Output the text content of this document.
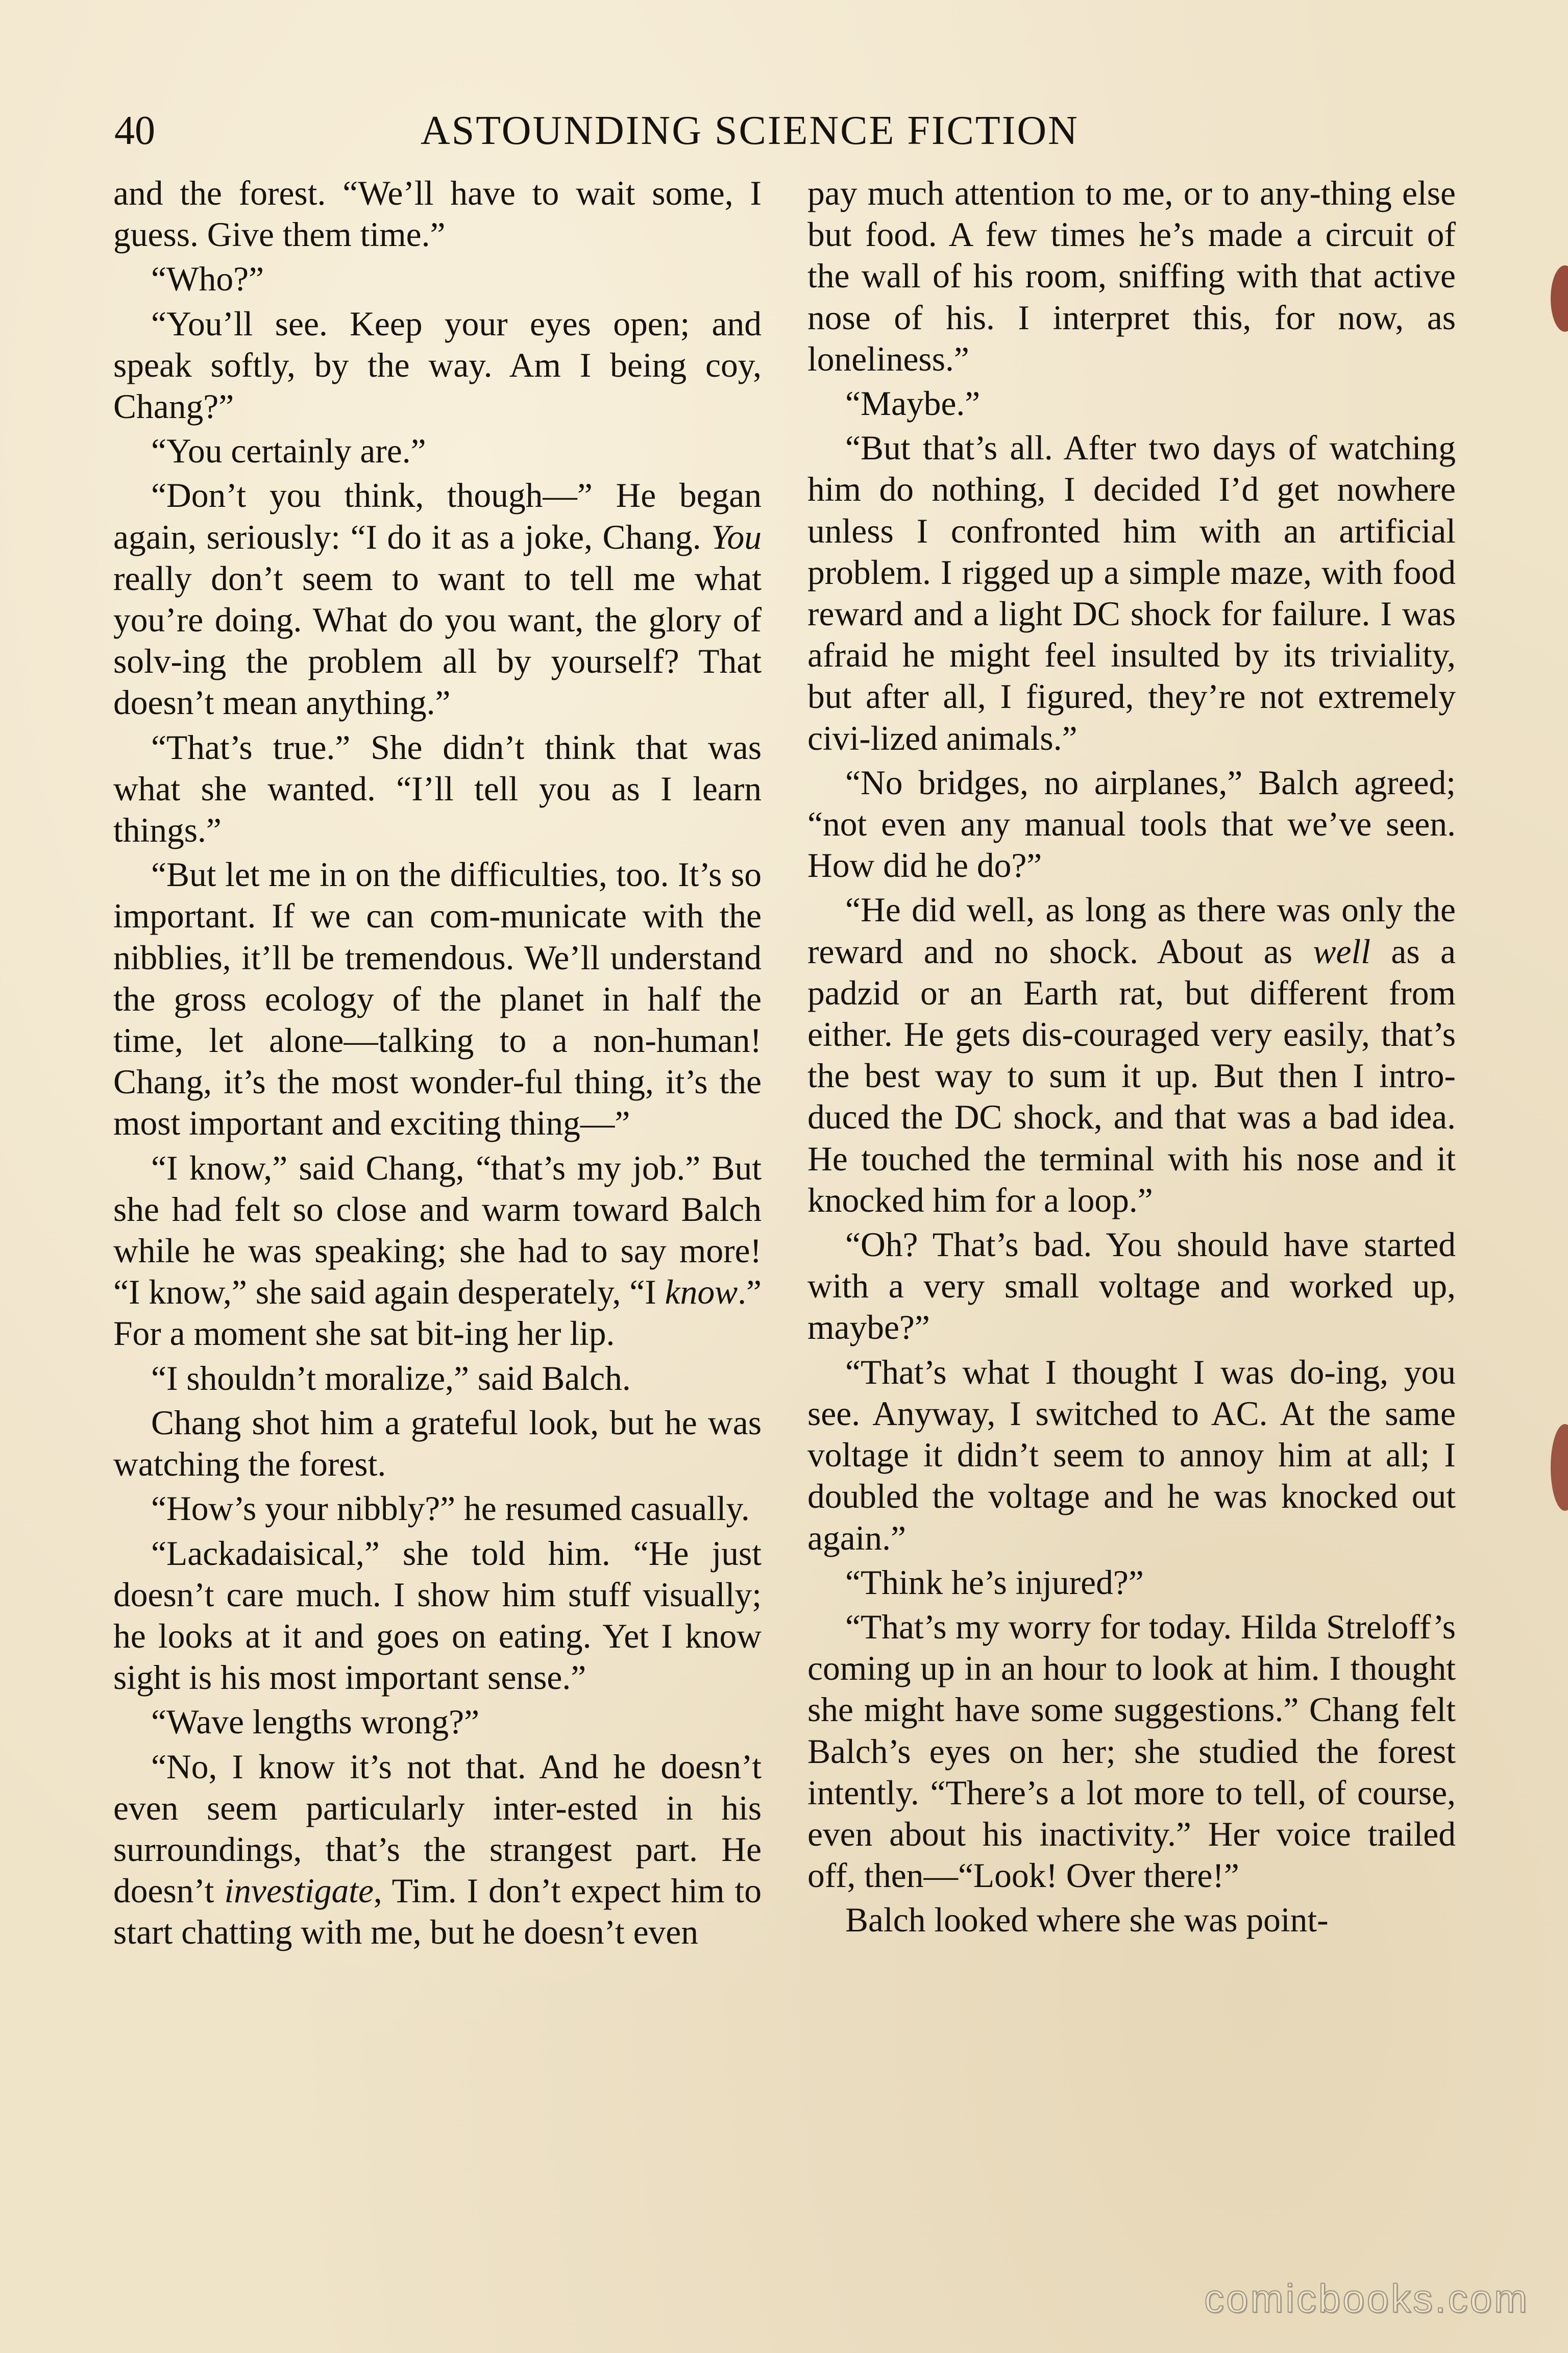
40	ASTOUNDING SCIENCE FICTION

and the forest. “We’ll have to wait some, I guess. Give them time.”

“Who?”

“You’ll see. Keep your eyes open; and speak softly, by the way. Am I being coy, Chang?”

“You certainly are.”

“Don’t you think, though—” He began again, seriously: “I do it as a joke, Chang. You really don’t seem to want to tell me what you’re doing. What do you want, the glory of solv-ing the problem all by yourself? That doesn’t mean anything.”

“That’s true.” She didn’t think that was what she wanted. “I’ll tell you as I learn things.”

“But let me in on the difficulties, too. It’s so important. If we can com-municate with the nibblies, it’ll be tremendous. We’ll understand the gross ecology of the planet in half the time, let alone—talking to a non-human! Chang, it’s the most wonder-ful thing, it’s the most important and exciting thing—”

“I know,” said Chang, “that’s my job.” But she had felt so close and warm toward Balch while he was speaking; she had to say more! “I know,” she said again desperately, “I know.” For a moment she sat bit-ing her lip.

“I shouldn’t moralize,” said Balch.

Chang shot him a grateful look, but he was watching the forest.

“How’s your nibbly?” he resumed casually.

“Lackadaisical,” she told him. “He just doesn’t care much. I show him stuff visually; he looks at it and goes on eating. Yet I know sight is his most important sense.”

“Wave lengths wrong?”

“No, I know it’s not that. And he doesn’t even seem particularly inter-ested in his surroundings, that’s the strangest part. He doesn’t investigate, Tim. I don’t expect him to start chatting with me, but he doesn’t even

pay much attention to me, or to any-thing else but food. A few times he’s made a circuit of the wall of his room, sniffing with that active nose of his. I interpret this, for now, as loneliness.”

“Maybe.”

“But that’s all. After two days of watching him do nothing, I decided I’d get nowhere unless I confronted him with an artificial problem. I rigged up a simple maze, with food reward and a light DC shock for failure. I was afraid he might feel insulted by its triviality, but after all, I figured, they’re not extremely civi-lized animals.”

“No bridges, no airplanes,” Balch agreed; “not even any manual tools that we’ve seen. How did he do?”

“He did well, as long as there was only the reward and no shock. About as well as a padzid or an Earth rat, but different from either. He gets dis-couraged very easily, that’s the best way to sum it up. But then I intro-duced the DC shock, and that was a bad idea. He touched the terminal with his nose and it knocked him for a loop.”

“Oh? That’s bad. You should have started with a very small voltage and worked up, maybe?”

“That’s what I thought I was do-ing, you see. Anyway, I switched to AC. At the same voltage it didn’t seem to annoy him at all; I doubled the voltage and he was knocked out again.”

“Think he’s injured?”

“That’s my worry for today. Hilda Streloff’s coming up in an hour to look at him. I thought she might have some suggestions.” Chang felt Balch’s eyes on her; she studied the forest intently. “There’s a lot more to tell, of course, even about his inactivity.” Her voice trailed off, then—“Look! Over there!”

Balch looked where she was point-

comicbooks.com
